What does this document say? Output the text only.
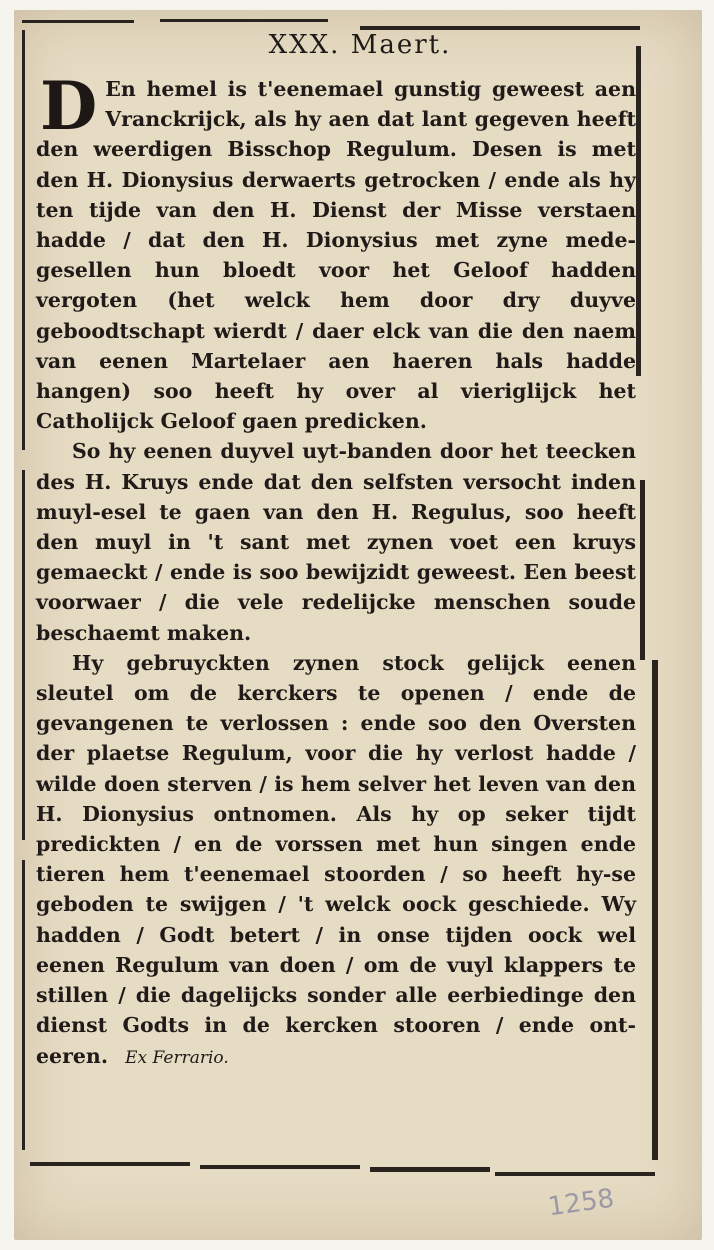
XXX. Maert.

D En hemel is t'eenemael gunstig geweest aen Vranckrijck, als hy aen dat lant gegeven heeft den weerdigen Bisschop Regulum. Desen is met den H. Dionysius derwaerts getrocken / ende als hy ten tijde van den H. Dienst der Misse verstaen hadde / dat den H. Dionysius met zyne mede-gesellen hun bloedt voor het Geloof hadden vergoten (het welck hem door dry duyve geboodtschapt wierdt / daer elck van die den naem van eenen Martelaer aen haeren hals hadde hangen) soo heeft hy over al vieriglijck het Catholijck Geloof gaen predicken.

So hy eenen duyvel uyt-banden door het teecken des H. Kruys ende dat den selfsten versocht inden muyl-esel te gaen van den H. Regulus, soo heeft den muyl in 't sant met zynen voet een kruys gemaeckt / ende is soo bewijzidt geweest. Een beest voorwaer / die vele redelijcke menschen soude beschaemt maken.

Hy gebruyckten zynen stock gelijck eenen sleutel om de kerckers te openen / ende de gevangenen te verlossen : ende soo den Oversten der plaetse Regulum, voor die hy verlost hadde / wilde doen sterven / is hem selver het leven van den H. Dionysius ontnomen. Als hy op seker tijdt predickten / en de vorssen met hun singen ende tieren hem t'eenemael stoorden / so heeft hy-se geboden te swijgen / 't welck oock geschiede. Wy hadden / Godt betert / in onse tijden oock wel eenen Regulum van doen / om de vuyl klappers te stillen / die dagelijcks sonder alle eerbiedinge den dienst Godts in de kercken stooren / ende ont-eeren. Ex Ferrario.

1258
